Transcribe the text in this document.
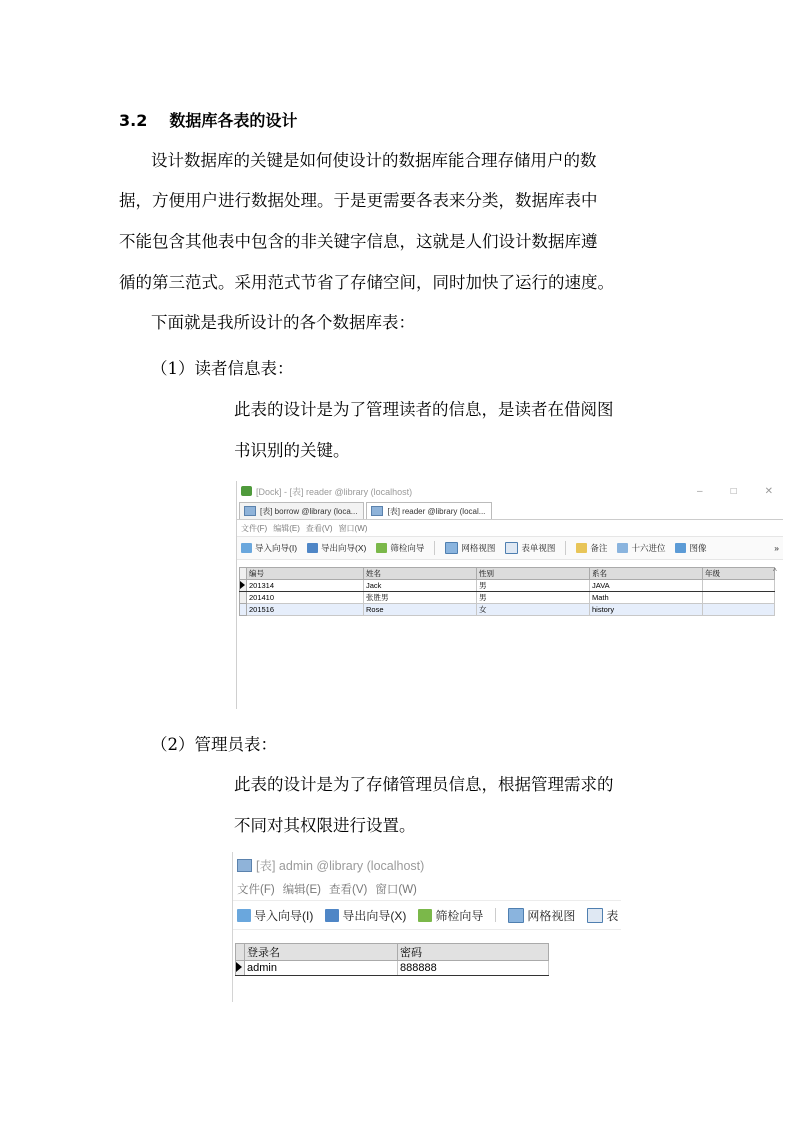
3.2 数据库各表的设计
设计数据库的关键是如何使设计的数据库能合理存储用户的数
据，方便用户进行数据处理。于是更需要各表来分类，数据库表中
不能包含其他表中包含的非关键字信息，这就是人们设计数据库遵
循的第三范式。采用范式节省了存储空间，同时加快了运行的速度。
下面就是我所设计的各个数据库表：
（1）读者信息表：
此表的设计是为了管理读者的信息，是读者在借阅图
书识别的关键。
[Dock] - [表] reader @library (localhost)	–	□	✕
[表] borrow @library (loca...	[表] reader @library (local...
文件(F) 编辑(E) 查看(V) 窗口(W)
导入向导(I)	导出向导(X)	筛检向导	网格视图	表单视图	备注	十六进位	图像	»
	编号	姓名	性别	系名	年级
	201314	Jack	男	JAVA	
	201410	张胜男	男	Math	
	201516	Rose	女	history	
^
（2）管理员表：
此表的设计是为了存储管理员信息，根据管理需求的
不同对其权限进行设置。
[表] admin @library (localhost)
文件(F) 编辑(E) 查看(V) 窗口(W)
导入向导(I) 导出向导(X) 筛检向导	网格视图	表
	登录名	密码
	admin	888888
